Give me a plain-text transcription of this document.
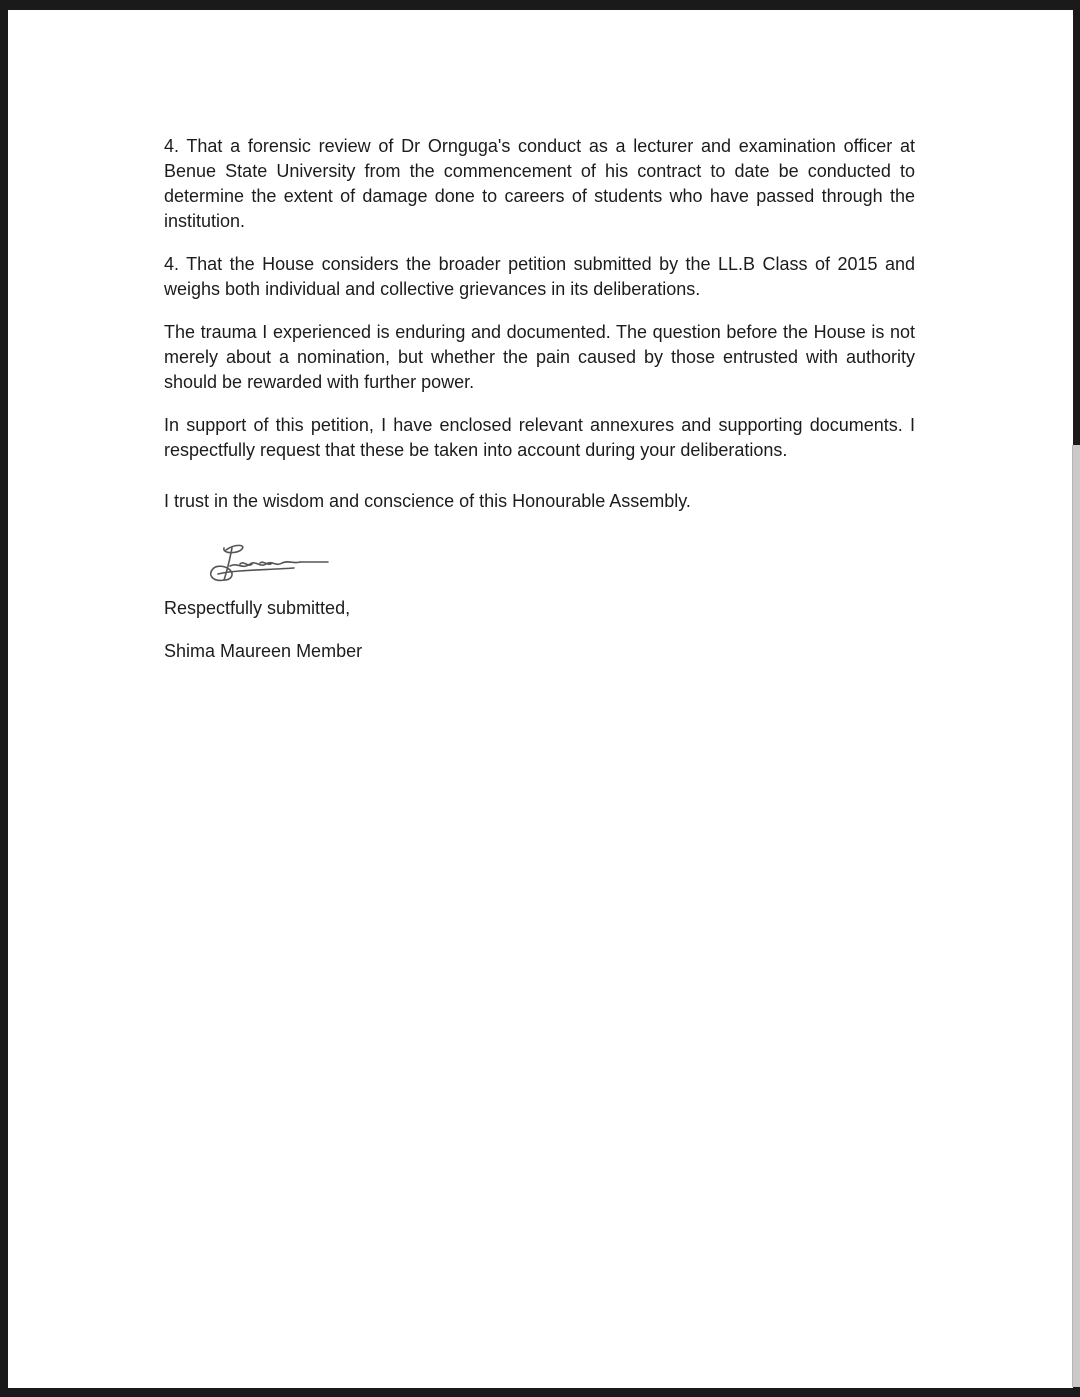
4. That a forensic review of Dr Ornguga's conduct as a lecturer and examination officer at Benue State University from the commencement of his contract to date be conducted to determine the extent of damage done to careers of students who have passed through the institution.

4. That the House considers the broader petition submitted by the LL.B Class of 2015 and weighs both individual and collective grievances in its deliberations.

The trauma I experienced is enduring and documented. The question before the House is not merely about a nomination, but whether the pain caused by those entrusted with authority should be rewarded with further power.

In support of this petition, I have enclosed relevant annexures and supporting documents. I respectfully request that these be taken into account during your deliberations.

I trust in the wisdom and conscience of this Honourable Assembly.

Respectfully submitted,

Shima Maureen Member
